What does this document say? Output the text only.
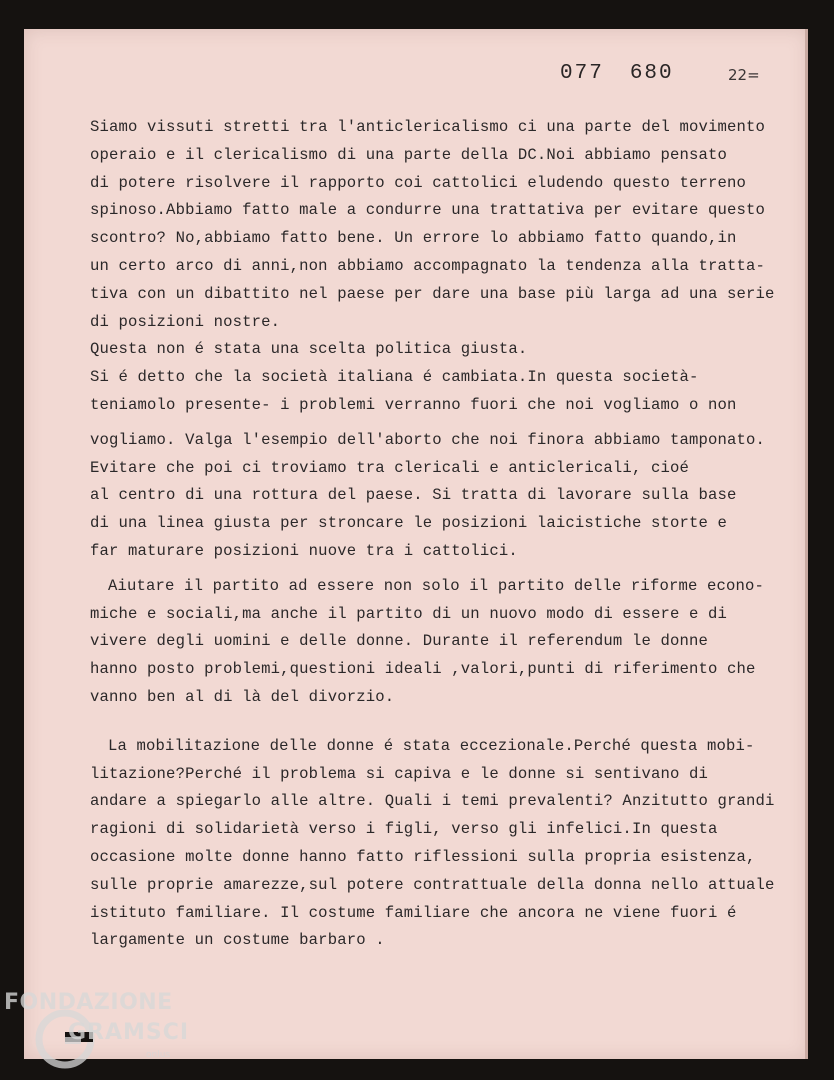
077 680	22=
Siamo vissuti stretti tra l'anticlericalismo ci una parte del movimento
operaio e il clericalismo di una parte della DC.Noi abbiamo pensato
di potere risolvere il rapporto coi cattolici eludendo questo terreno
spinoso.Abbiamo fatto male a condurre una trattativa per evitare questo
scontro? No,abbiamo fatto bene. Un errore lo abbiamo fatto quando,in
un certo arco di anni,non abbiamo accompagnato la tendenza alla tratta-
tiva con un dibattito nel paese per dare una base più larga ad una serie
di posizioni nostre.
Questa non é stata una scelta politica giusta.
Si é detto che la società italiana é cambiata.In questa società-
teniamolo presente- i problemi verranno fuori che noi vogliamo o non
vogliamo. Valga l'esempio dell'aborto che noi finora abbiamo tamponato.
Evitare che poi ci troviamo tra clericali e anticlericali, cioé
al centro di una rottura del paese. Si tratta di lavorare sulla base
di una linea giusta per stroncare le posizioni laicistiche storte e
far maturare posizioni nuove tra i cattolici.
Aiutare il partito ad essere non solo il partito delle riforme econo-
miche e sociali,ma anche il partito di un nuovo modo di essere e di
vivere degli uomini e delle donne. Durante il referendum le donne
hanno posto problemi,questioni ideali ,valori,punti di riferimento che
vanno ben al di là del divorzio.
La mobilitazione delle donne é stata eccezionale.Perché questa mobi-
litazione?Perché il problema si capiva e le donne si sentivano di
andare a spiegarlo alle altre. Quali i temi prevalenti? Anzitutto grandi
ragioni di solidarietà verso i figli, verso gli infelici.In questa
occasione molte donne hanno fatto riflessioni sulla propria esistenza,
sulle proprie amarezze,sul potere contrattuale della donna nello attuale
istituto familiare. Il costume familiare che ancora ne viene fuori é
largamente un costume barbaro .
FONDAZIONE
GRAMSCI
onlus
